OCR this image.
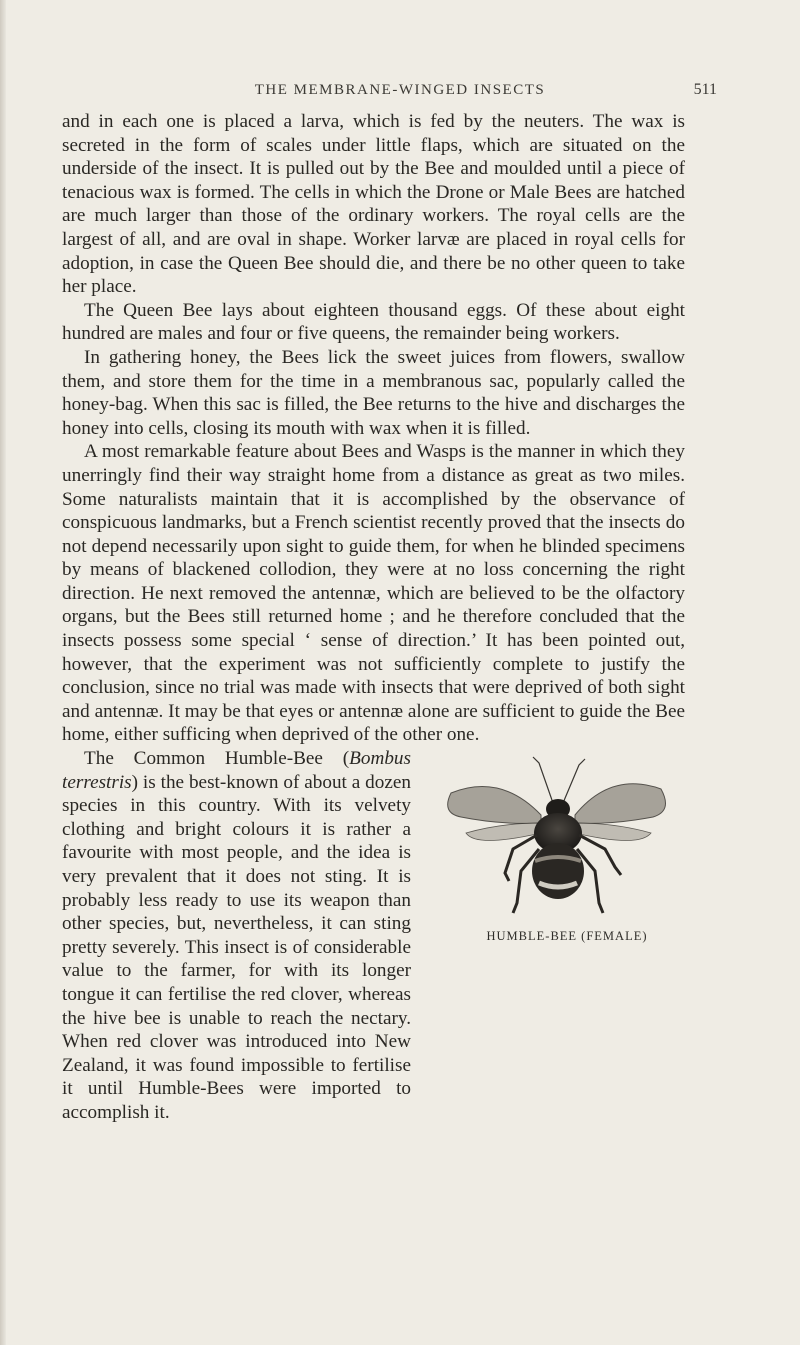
THE MEMBRANE-WINGED INSECTS	511

and in each one is placed a larva, which is fed by the neuters. The wax is secreted in the form of scales under little flaps, which are situated on the underside of the insect. It is pulled out by the Bee and moulded until a piece of tenacious wax is formed. The cells in which the Drone or Male Bees are hatched are much larger than those of the ordinary workers. The royal cells are the largest of all, and are oval in shape. Worker larvæ are placed in royal cells for adoption, in case the Queen Bee should die, and there be no other queen to take her place.

The Queen Bee lays about eighteen thousand eggs. Of these about eight hundred are males and four or five queens, the remainder being workers.

In gathering honey, the Bees lick the sweet juices from flowers, swallow them, and store them for the time in a membranous sac, popularly called the honey-bag. When this sac is filled, the Bee returns to the hive and discharges the honey into cells, closing its mouth with wax when it is filled.

A most remarkable feature about Bees and Wasps is the manner in which they unerringly find their way straight home from a distance as great as two miles. Some naturalists maintain that it is accomplished by the observance of conspicuous landmarks, but a French scientist recently proved that the insects do not depend necessarily upon sight to guide them, for when he blinded specimens by means of blackened collodion, they were at no loss concerning the right direction. He next removed the antennæ, which are believed to be the olfactory organs, but the Bees still returned home ; and he therefore concluded that the insects possess some special ‘ sense of direction.’ It has been pointed out, however, that the experiment was not sufficiently complete to justify the conclusion, since no trial was made with insects that were deprived of both sight and antennæ. It may be that eyes or antennæ alone are sufficient to guide the Bee home, either sufficing when deprived of the other one.

HUMBLE-BEE (FEMALE)
The Common Humble-Bee (Bombus terrestris) is the best-known of about a dozen species in this country. With its velvety clothing and bright colours it is rather a favourite with most people, and the idea is very prevalent that it does not sting. It is probably less ready to use its weapon than other species, but, nevertheless, it can sting pretty severely. This insect is of considerable value to the farmer, for with its longer tongue it can fertilise the red clover, whereas the hive bee is unable to reach the nectary. When red clover was introduced into New Zealand, it was found impossible to fertilise it until Humble-Bees were imported to accomplish it.
